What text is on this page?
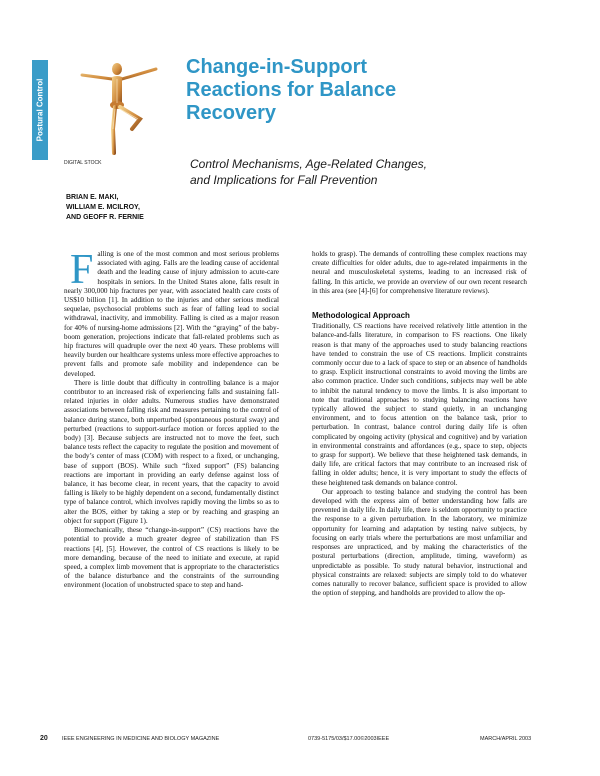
Postural Control
DIGITAL STOCK
Change-in-Support
Reactions for Balance
Recovery
Control Mechanisms, Age-Related Changes,
and Implications for Fall Prevention
BRIAN E. MAKI,
WILLIAM E. MCILROY,
AND GEOFF R. FERNIE

Falling is one of the most common and most serious problems associated with aging. Falls are the leading cause of accidental death and the leading cause of injury admission to acute-care hospitals in seniors. In the United States alone, falls result in nearly 300,000 hip fractures per year, with associated health care costs of US$10 billion [1]. In addition to the injuries and other serious medical sequelae, psychosocial problems such as fear of falling lead to social withdrawal, inactivity, and immobility. Falling is cited as a major reason for 40% of nursing-home admissions [2]. With the “graying” of the baby-boom generation, projections indicate that fall-related problems such as hip fractures will quadruple over the next 40 years. These problems will heavily burden our healthcare systems unless more effective approaches to prevent falls and promote safe mobility and independence can be developed.

There is little doubt that difficulty in controlling balance is a major contributor to an increased risk of experiencing falls and sustaining fall-related injuries in older adults. Numerous studies have demonstrated associations between falling risk and measures pertaining to the control of balance during stance, both unperturbed (spontaneous postural sway) and perturbed (reactions to support-surface motion or forces applied to the body) [3]. Because subjects are instructed not to move the feet, such balance tests reflect the capacity to regulate the position and movement of the body’s center of mass (COM) with respect to a fixed, or unchanging, base of support (BOS). While such “fixed support” (FS) balancing reactions are important in providing an early defense against loss of balance, it has become clear, in recent years, that the capacity to avoid falling is likely to be highly dependent on a second, fundamentally distinct type of balance control, which involves rapidly moving the limbs so as to alter the BOS, either by taking a step or by reaching and grasping an object for support (Figure 1).

Biomechanically, these “change-in-support” (CS) reactions have the potential to provide a much greater degree of stabilization than FS reactions [4], [5]. However, the control of CS reactions is likely to be more demanding, because of the need to initiate and execute, at rapid speed, a complex limb movement that is appropriate to the characteristics of the balance disturbance and the constraints of the surrounding environment (location of unobstructed space to step and hand-

holds to grasp). The demands of controlling these complex reactions may create difficulties for older adults, due to age-related impairments in the neural and musculoskeletal systems, leading to an increased risk of falling. In this article, we provide an overview of our own recent research in this area (see [4]-[6] for comprehensive literature reviews).

Methodological Approach

Traditionally, CS reactions have received relatively little attention in the balance-and-falls literature, in comparison to FS reactions. One likely reason is that many of the approaches used to study balancing reactions have tended to constrain the use of CS reactions. Implicit constraints commonly occur due to a lack of space to step or an absence of handholds to grasp. Explicit instructional constraints to avoid moving the limbs are also common practice. Under such conditions, subjects may well be able to inhibit the natural tendency to move the limbs. It is also important to note that traditional approaches to studying balancing reactions have typically allowed the subject to stand quietly, in an unchanging environment, and to focus attention on the balance task, prior to perturbation. In contrast, balance control during daily life is often complicated by ongoing activity (physical and cognitive) and by variation in environmental constraints and affordances (e.g., space to step, objects to grasp for support). We believe that these heightened task demands, in daily life, are critical factors that may contribute to an increased risk of falling in older adults; hence, it is very important to study the effects of these heightened task demands on balance control.

Our approach to testing balance and studying the control has been developed with the express aim of better understanding how falls are prevented in daily life. In daily life, there is seldom opportunity to practice the response to a given perturbation. In the laboratory, we minimize opportunity for learning and adaptation by testing naive subjects, by focusing on early trials where the perturbations are most unfamiliar and responses are unpracticed, and by making the characteristics of the postural perturbations (direction, amplitude, timing, waveform) as unpredictable as possible. To study natural behavior, instructional and physical constraints are relaxed: subjects are simply told to do whatever comes naturally to recover balance, sufficient space is provided to allow the option of stepping, and handholds are provided to allow the op-

20	IEEE ENGINEERING IN MEDICINE AND BIOLOGY MAGAZINE	0739-5175/03/$17.00©2003IEEE	MARCH/APRIL 2003
